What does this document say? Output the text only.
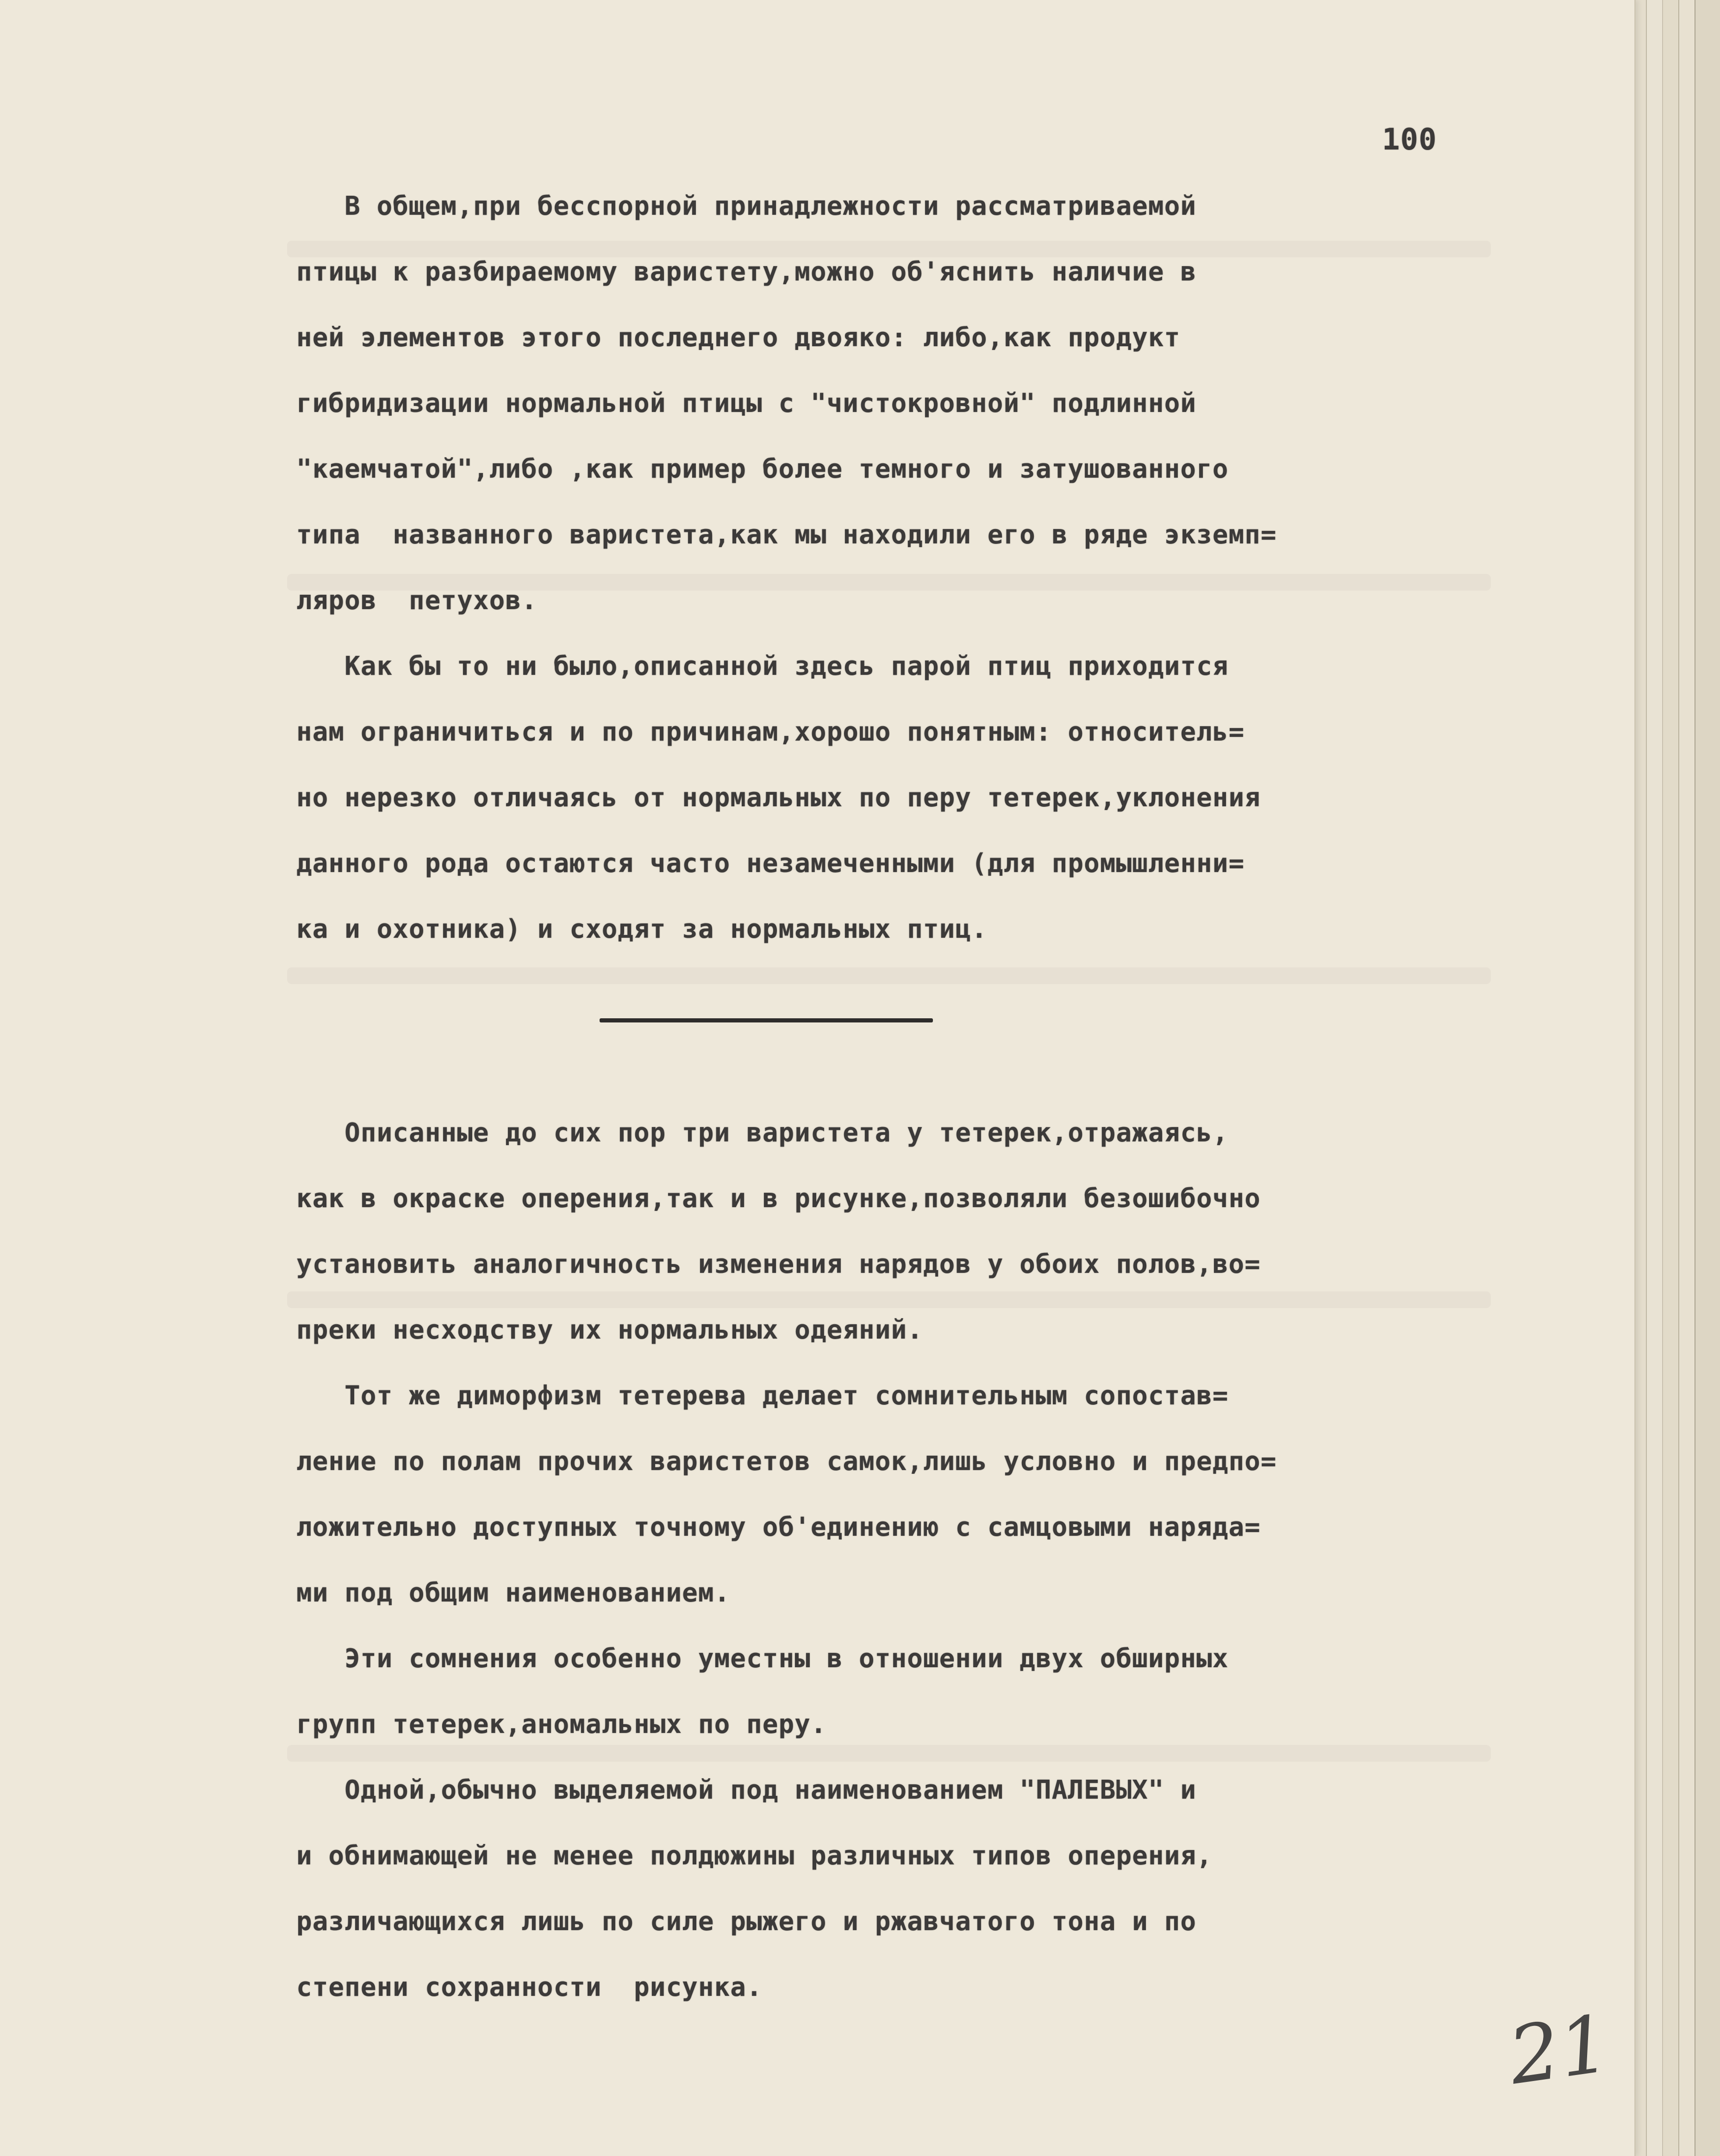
100
В общем,при бесспорной принадлежности рассматриваемой
птицы к разбираемому варистету,можно об'яснить наличие в
ней элементов этого последнего двояко: либо,как продукт
гибридизации нормальной птицы с "чистокровной" подлинной
"каемчатой",либо ,как пример более темного и затушованного
типа  названного варистета,как мы находили его в ряде экземп=
ляров  петухов.
Как бы то ни было,описанной здесь парой птиц приходится
нам ограничиться и по причинам,хорошо понятным: относитель=
но нерезко отличаясь от нормальных по перу тетерек,уклонения
данного рода остаются часто незамеченными (для промышленни=
ка и охотника) и сходят за нормальных птиц.
Описанные до сих пор три варистета у тетерек,отражаясь,
как в окраске оперения,так и в рисунке,позволяли безошибочно
установить аналогичность изменения нарядов у обоих полов,во=
преки несходству их нормальных одеяний.
Тот же диморфизм тетерева делает сомнительным сопостав=
ление по полам прочих варистетов самок,лишь условно и предпо=
ложительно доступных точному об'единению с самцовыми наряда=
ми под общим наименованием.
Эти сомнения особенно уместны в отношении двух обширных
групп тетерек,аномальных по перу.
Одной,обычно выделяемой под наименованием "ПАЛЕВЫХ" и
и обнимающей не менее полдюжины различных типов оперения,
различающихся лишь по силе рыжего и ржавчатого тона и по
степени сохранности  рисунка.
21
